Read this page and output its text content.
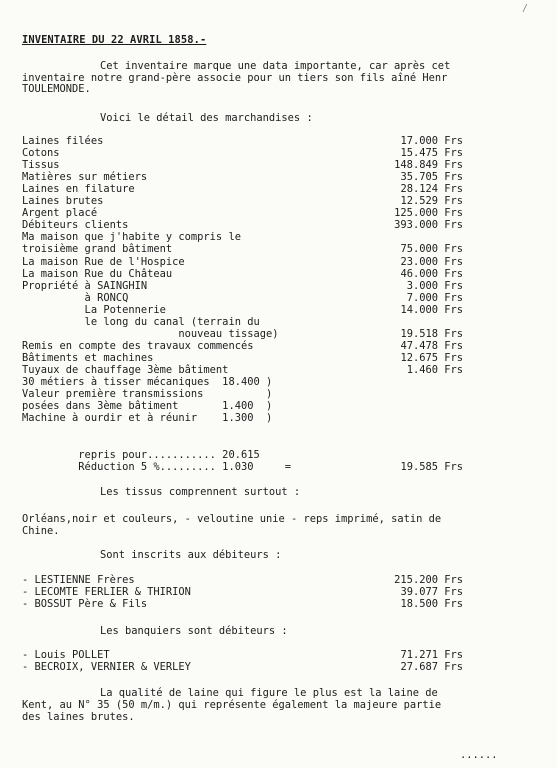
/
INVENTAIRE DU 22 AVRIL 1858.-
Cet inventaire marque une data importante, car après cet
inventaire notre grand-père associe pour un tiers son fils aîné Henr
TOULEMONDE.
Voici le détail des marchandises :
Laines filées	17.000 Frs
Cotons	15.475 Frs
Tissus	148.849 Frs
Matières sur métiers	35.705 Frs
Laines en filature	28.124 Frs
Laines brutes	12.529 Frs
Argent placé	125.000 Frs
Débiteurs clients	393.000 Frs
Ma maison que j'habite y compris le
troisième grand bâtiment	75.000 Frs
La maison Rue de l'Hospice	23.000 Frs
La maison Rue du Château	46.000 Frs
Propriété à SAINGHIN	3.000 Frs
à RONCQ	7.000 Frs
La Potennerie	14.000 Frs
le long du canal (terrain du
nouveau tissage)	19.518 Frs
Remis en compte des travaux commencés	47.478 Frs
Bâtiments et machines	12.675 Frs
Tuyaux de chauffage 3ème bâtiment	1.460 Frs
30 métiers à tisser mécaniques  18.400 )
Valeur première transmissions          )
posées dans 3ème bâtiment       1.400  )
Machine à ourdir et à réunir    1.300  )
repris pour........... 20.615
Réduction 5 %......... 1.030     =	19.585 Frs
Les tissus comprennent surtout :
Orléans,noir et couleurs, - veloutine unie - reps imprimé, satin de
Chine.
Sont inscrits aux débiteurs :
- LESTIENNE Frères	215.200 Frs
- LECOMTE FERLIER & THIRION	39.077 Frs
- BOSSUT Père & Fils	18.500 Frs
Les banquiers sont débiteurs :
- Louis POLLET	71.271 Frs
- BECROIX, VERNIER & VERLEY	27.687 Frs
La qualité de laine qui figure le plus est la laine de
Kent, au N° 35 (50 m/m.) qui représente également la majeure partie
des laines brutes.
......
